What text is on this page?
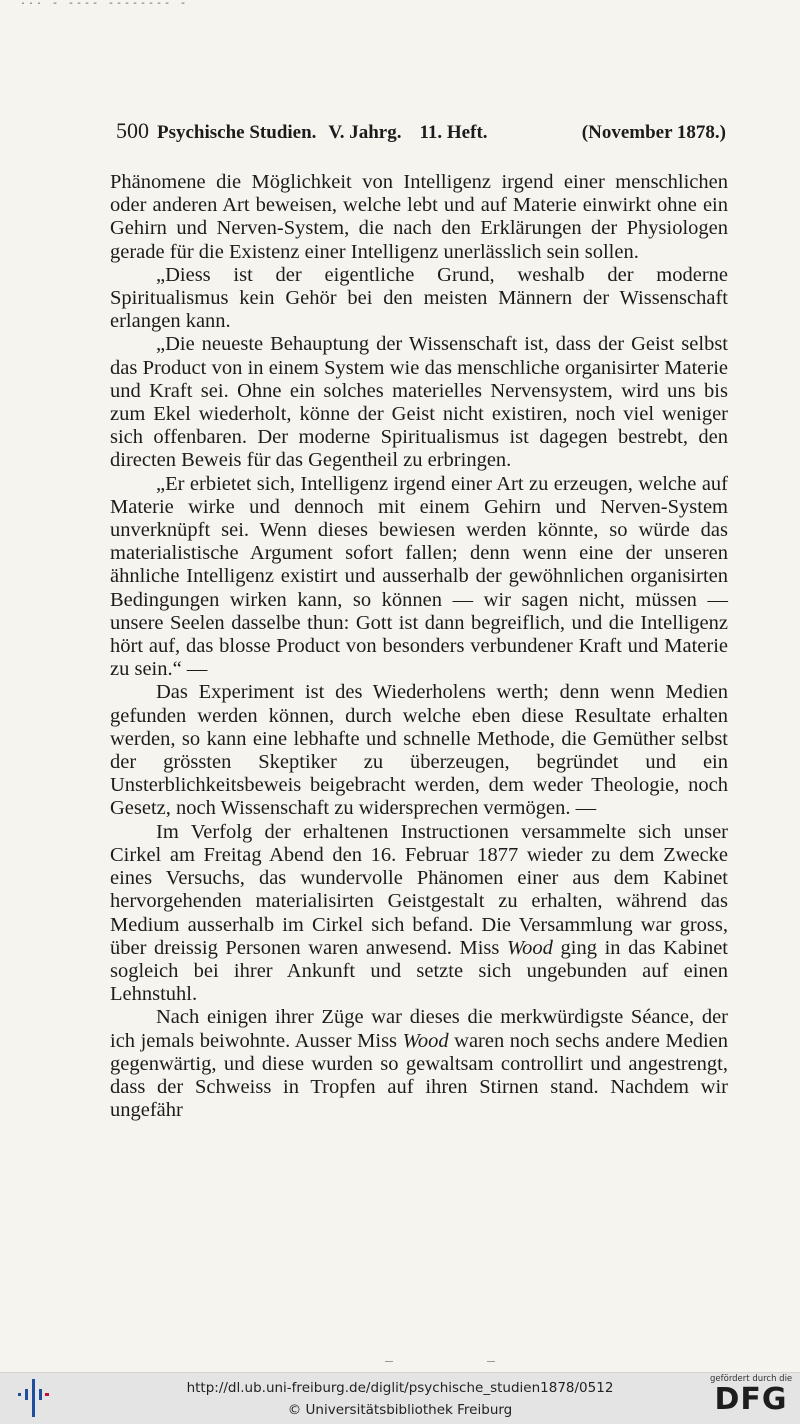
··· - ---- -------- -
500 Psychische Studien. V. Jahrg. 11. Heft.	(November 1878.)

Phänomene die Möglichkeit von Intelligenz irgend einer menschlichen oder anderen Art beweisen, welche lebt und auf Materie einwirkt ohne ein Gehirn und Nerven-System, die nach den Erklärungen der Physiologen gerade für die Existenz einer Intelligenz unerlässlich sein sollen.

„Diess ist der eigentliche Grund, weshalb der moderne Spiritualismus kein Gehör bei den meisten Männern der Wissenschaft erlangen kann.

„Die neueste Behauptung der Wissenschaft ist, dass der Geist selbst das Product von in einem System wie das menschliche organisirter Materie und Kraft sei. Ohne ein solches materielles Nervensystem, wird uns bis zum Ekel wiederholt, könne der Geist nicht existiren, noch viel weniger sich offenbaren. Der moderne Spiritualismus ist dagegen bestrebt, den directen Beweis für das Gegentheil zu erbringen.

„Er erbietet sich, Intelligenz irgend einer Art zu erzeugen, welche auf Materie wirke und dennoch mit einem Gehirn und Nerven-System unverknüpft sei. Wenn dieses bewiesen werden könnte, so würde das materialistische Argument sofort fallen; denn wenn eine der unseren ähnliche Intelligenz existirt und ausserhalb der gewöhnlichen organisirten Bedingungen wirken kann, so können — wir sagen nicht, müssen — unsere Seelen dasselbe thun: Gott ist dann begreiflich, und die Intelligenz hört auf, das blosse Product von besonders verbundener Kraft und Materie zu sein.“ —

Das Experiment ist des Wiederholens werth; denn wenn Medien gefunden werden können, durch welche eben diese Resultate erhalten werden, so kann eine lebhafte und schnelle Methode, die Gemüther selbst der grössten Skeptiker zu überzeugen, begründet und ein Unsterblichkeitsbeweis beigebracht werden, dem weder Theologie, noch Gesetz, noch Wissenschaft zu widersprechen vermögen. —

Im Verfolg der erhaltenen Instructionen versammelte sich unser Cirkel am Freitag Abend den 16. Februar 1877 wieder zu dem Zwecke eines Versuchs, das wundervolle Phänomen einer aus dem Kabinet hervorgehenden materialisirten Geistgestalt zu erhalten, während das Medium ausserhalb im Cirkel sich befand. Die Versammlung war gross, über dreissig Personen waren anwesend. Miss Wood ging in das Kabinet sogleich bei ihrer Ankunft und setzte sich ungebunden auf einen Lehnstuhl.

Nach einigen ihrer Züge war dieses die merkwürdigste Séance, der ich jemals beiwohnte. Ausser Miss Wood waren noch sechs andere Medien gegenwärtig, und diese wurden so gewaltsam controllirt und angestrengt, dass der Schweiss in Tropfen auf ihren Stirnen stand. Nachdem wir ungefähr

http://dl.ub.uni-freiburg.de/diglit/psychische_studien1878/0512
© Universitätsbibliothek Freiburg
gefördert durch die
DFG
